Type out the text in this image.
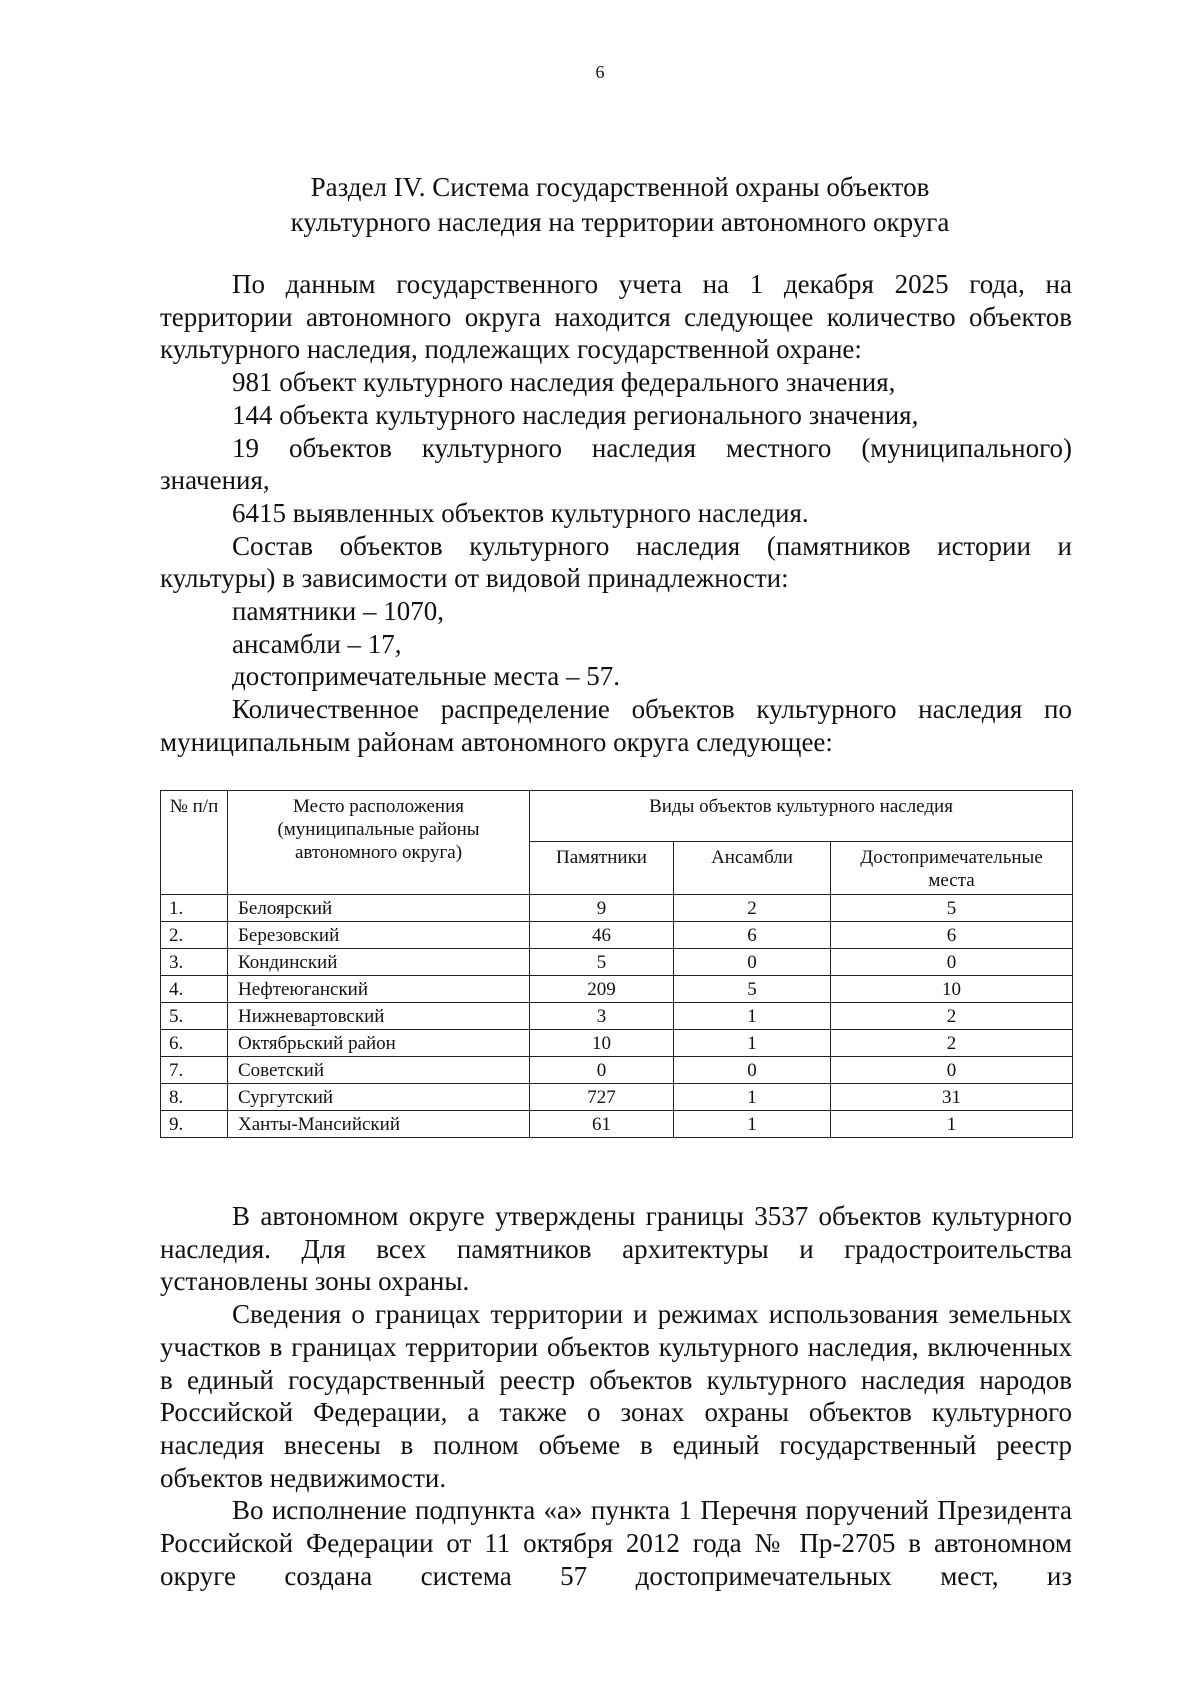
6
Раздел IV. Система государственной охраны объектов
культурного наследия на территории автономного округа

По данным государственного учета на 1 декабря 2025 года, на территории автономного округа находится следующее количество объектов культурного наследия, подлежащих государственной охране:

981 объект культурного наследия федерального значения,

144 объекта культурного наследия регионального значения,

19 объектов культурного наследия местного (муниципального) значения,

6415 выявленных объектов культурного наследия.

Состав объектов культурного наследия (памятников истории и культуры) в зависимости от видовой принадлежности:

памятники – 1070,

ансамбли – 17,

достопримечательные места – 57.

Количественное распределение объектов культурного наследия по муниципальным районам автономного округа следующее:

№ п/п	Место расположения (муниципальные районы автономного округа)	Виды объектов культурного наследия		
		Памятники	Ансамбли	Достопримечательные места
1.	Белоярский	9	2	5
2.	Березовский	46	6	6
3.	Кондинский	5	0	0
4.	Нефтеюганский	209	5	10
5.	Нижневартовский	3	1	2
6.	Октябрьский район	10	1	2
7.	Советский	0	0	0
8.	Сургутский	727	1	31
9.	Ханты-Мансийский	61	1	1

В автономном округе утверждены границы 3537 объектов культурного наследия. Для всех памятников архитектуры и градостроительства установлены зоны охраны.

Сведения о границах территории и режимах использования земельных участков в границах территории объектов культурного наследия, включенных в единый государственный реестр объектов культурного наследия народов Российской Федерации, а также о зонах охраны объектов культурного наследия внесены в полном объеме в единый государственный реестр объектов недвижимости.

Во исполнение подпункта «а» пункта 1 Перечня поручений Президента Российской Федерации от 11 октября 2012 года № Пр-2705 в автономном округе создана система 57 достопримечательных мест, из
